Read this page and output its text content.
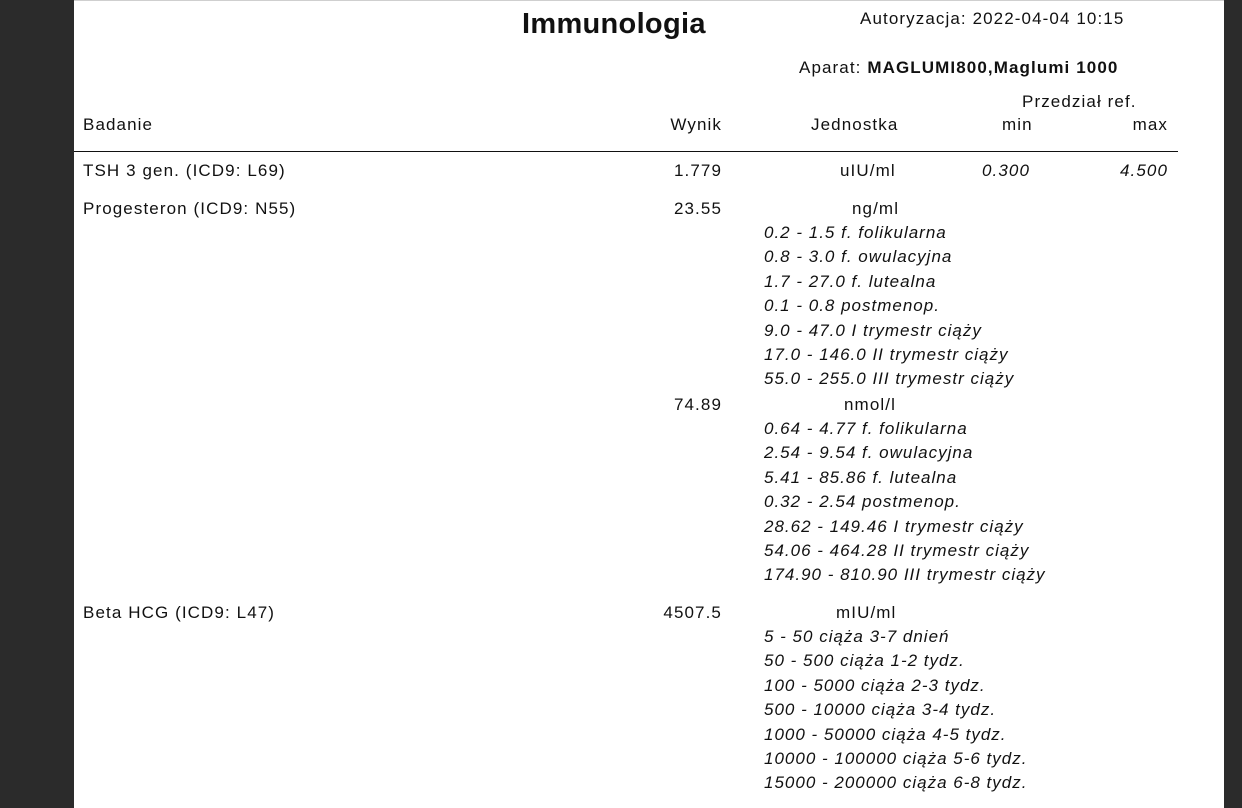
Immunologia	Autoryzacja: 2022-04-04 10:15
Aparat: MAGLUMI800,Maglumi 1000
Przedział ref.
Badanie	Wynik	Jednostka	min	max
TSH 3 gen. (ICD9: L69)	1.779	uIU/ml	0.300	4.500
Progesteron (ICD9: N55)	23.55	ng/ml
0.2 - 1.5 f. folikularna
0.8 - 3.0 f. owulacyjna
1.7 - 27.0 f. lutealna
0.1 - 0.8 postmenop.
9.0 - 47.0 I trymestr ciąży
17.0 - 146.0 II trymestr ciąży
55.0 - 255.0 III trymestr ciąży
74.89	nmol/l
0.64 - 4.77 f. folikularna
2.54 - 9.54 f. owulacyjna
5.41 - 85.86 f. lutealna
0.32 - 2.54 postmenop.
28.62 - 149.46 I trymestr ciąży
54.06 - 464.28 II trymestr ciąży
174.90 - 810.90 III trymestr ciąży
Beta HCG (ICD9: L47)	4507.5	mIU/ml
5 - 50 ciąża 3-7 dnień
50 - 500 ciąża 1-2 tydz.
100 - 5000 ciąża 2-3 tydz.
500 - 10000 ciąża 3-4 tydz.
1000 - 50000 ciąża 4-5 tydz.
10000 - 100000 ciąża 5-6 tydz.
15000 - 200000 ciąża 6-8 tydz.
